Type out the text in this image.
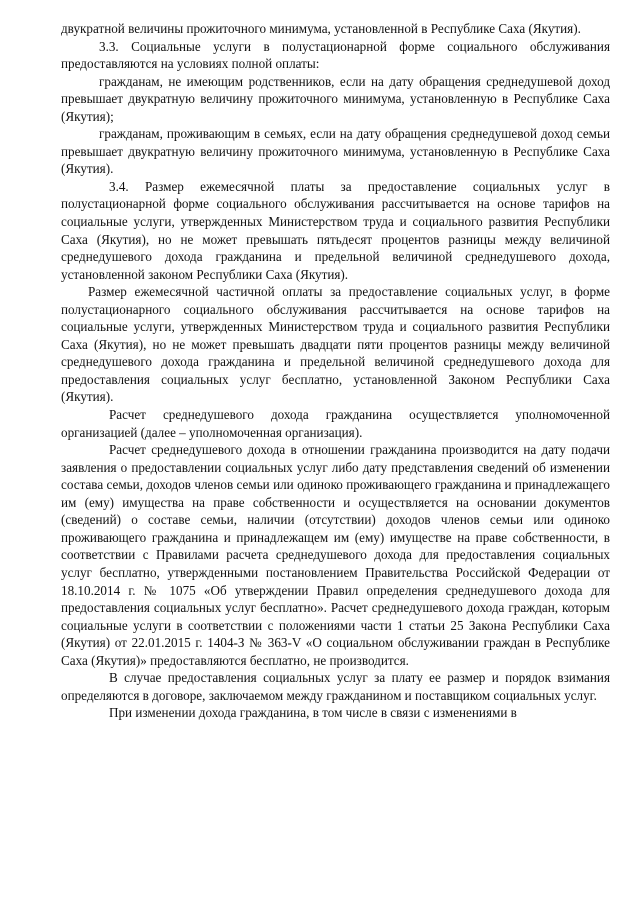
двукратной величины прожиточного минимума, установленной в Республике Саха (Якутия).

3.3. Социальные услуги в полустационарной форме социального обслуживания предоставляются на условиях полной оплаты:

гражданам, не имеющим родственников, если на дату обращения среднедушевой доход превышает двукратную величину прожиточного минимума, установленную в Республике Саха (Якутия);

гражданам, проживающим в семьях, если на дату обращения среднедушевой доход семьи превышает двукратную величину прожиточного минимума, установленную в Республике Саха (Якутия).

3.4. Размер ежемесячной платы за предоставление социальных услуг в полустационарной форме социального обслуживания рассчитывается на основе тарифов на социальные услуги, утвержденных Министерством труда и социального развития Республики Саха (Якутия), но не может превышать пятьдесят процентов разницы между величиной среднедушевого дохода гражданина и предельной величиной среднедушевого дохода, установленной законом Республики Саха (Якутия).

Размер ежемесячной частичной оплаты за предоставление социальных услуг, в форме полустационарного социального обслуживания рассчитывается на основе тарифов на социальные услуги, утвержденных Министерством труда и социального развития Республики Саха (Якутия), но не может превышать двадцати пяти процентов разницы между величиной среднедушевого дохода гражданина и предельной величиной среднедушевого дохода для предоставления социальных услуг бесплатно, установленной Законом Республики Саха (Якутия).

Расчет среднедушевого дохода гражданина осуществляется уполномоченной организацией (далее – уполномоченная организация).

Расчет среднедушевого дохода в отношении гражданина производится на дату подачи заявления о предоставлении социальных услуг либо дату представления сведений об изменении состава семьи, доходов членов семьи или одиноко проживающего гражданина и принадлежащего им (ему) имущества на праве собственности и осуществляется на основании документов (сведений) о составе семьи, наличии (отсутствии) доходов членов семьи или одиноко проживающего гражданина и принадлежащем им (ему) имуществе на праве собственности, в соответствии с Правилами расчета среднедушевого дохода для предоставления социальных услуг бесплатно, утвержденными постановлением Правительства Российской Федерации от 18.10.2014 г. № 1075 «Об утверждении Правил определения среднедушевого дохода для предоставления социальных услуг бесплатно». Расчет среднедушевого дохода граждан, которым социальные услуги в соответствии с положениями части 1 статьи 25 Закона Республики Саха (Якутия) от 22.01.2015 г. 1404-З № 363-V «О социальном обслуживании граждан в Республике Саха (Якутия)» предоставляются бесплатно, не производится.

В случае предоставления социальных услуг за плату ее размер и порядок взимания определяются в договоре, заключаемом между гражданином и поставщиком социальных услуг.

При изменении дохода гражданина, в том числе в связи с изменениями в
